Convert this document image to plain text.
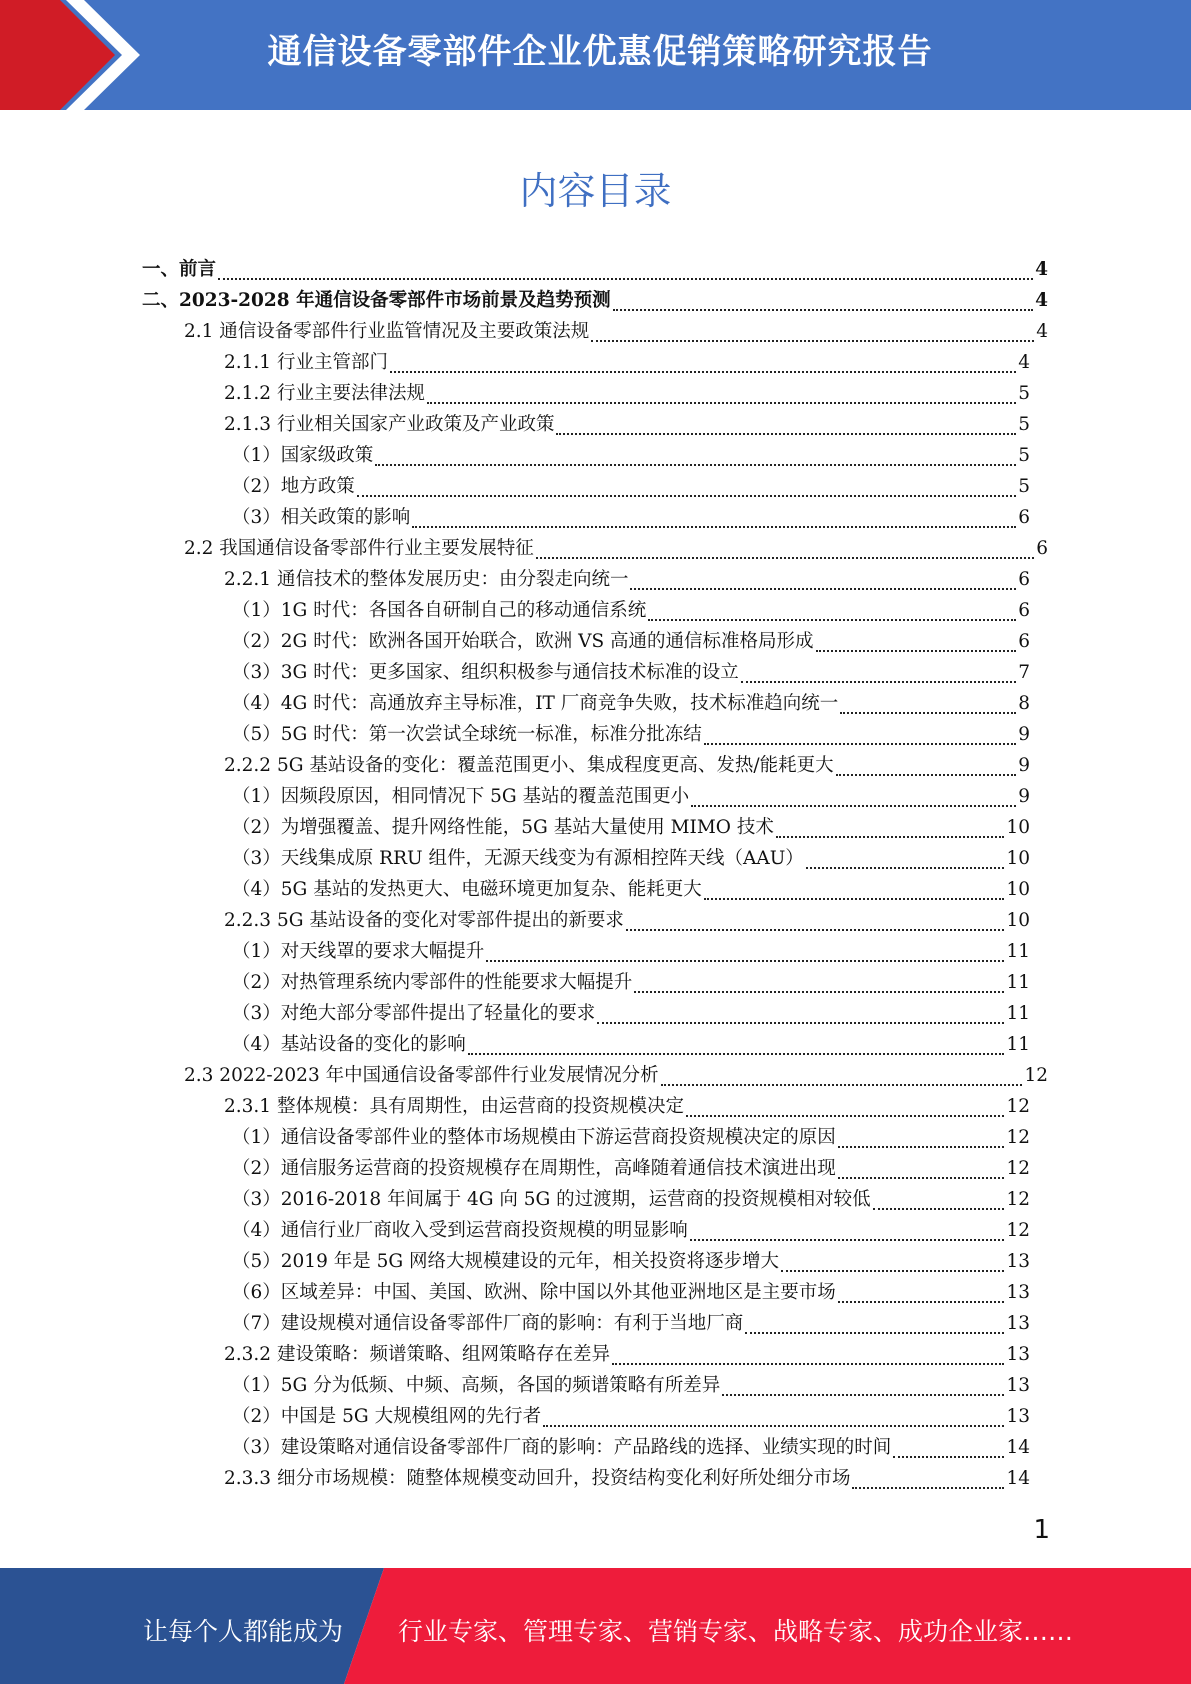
通信设备零部件企业优惠促销策略研究报告
内容目录
一、前言	4
二、2023-2028 年通信设备零部件市场前景及趋势预测	4
2.1 通信设备零部件行业监管情况及主要政策法规	4
2.1.1 行业主管部门	4
2.1.2 行业主要法律法规	5
2.1.3 行业相关国家产业政策及产业政策	5
（1）国家级政策	5
（2）地方政策	5
（3）相关政策的影响	6
2.2 我国通信设备零部件行业主要发展特征	6
2.2.1 通信技术的整体发展历史：由分裂走向统一	6
（1）1G 时代：各国各自研制自己的移动通信系统	6
（2）2G 时代：欧洲各国开始联合，欧洲 VS 高通的通信标准格局形成	6
（3）3G 时代：更多国家、组织积极参与通信技术标准的设立	7
（4）4G 时代：高通放弃主导标准，IT 厂商竞争失败，技术标准趋向统一	8
（5）5G 时代：第一次尝试全球统一标准，标准分批冻结	9
2.2.2 5G 基站设备的变化：覆盖范围更小、集成程度更高、发热/能耗更大	9
（1）因频段原因，相同情况下 5G 基站的覆盖范围更小	9
（2）为增强覆盖、提升网络性能，5G 基站大量使用 MIMO 技术	10
（3）天线集成原 RRU 组件，无源天线变为有源相控阵天线（AAU）	10
（4）5G 基站的发热更大、电磁环境更加复杂、能耗更大	10
2.2.3 5G 基站设备的变化对零部件提出的新要求	10
（1）对天线罩的要求大幅提升	11
（2）对热管理系统内零部件的性能要求大幅提升	11
（3）对绝大部分零部件提出了轻量化的要求	11
（4）基站设备的变化的影响	11
2.3 2022-2023 年中国通信设备零部件行业发展情况分析	12
2.3.1 整体规模：具有周期性，由运营商的投资规模决定	12
（1）通信设备零部件业的整体市场规模由下游运营商投资规模决定的原因	12
（2）通信服务运营商的投资规模存在周期性，高峰随着通信技术演进出现	12
（3）2016-2018 年间属于 4G 向 5G 的过渡期，运营商的投资规模相对较低	12
（4）通信行业厂商收入受到运营商投资规模的明显影响	12
（5）2019 年是 5G 网络大规模建设的元年，相关投资将逐步增大	13
（6）区域差异：中国、美国、欧洲、除中国以外其他亚洲地区是主要市场	13
（7）建设规模对通信设备零部件厂商的影响：有利于当地厂商	13
2.3.2 建设策略：频谱策略、组网策略存在差异	13
（1）5G 分为低频、中频、高频，各国的频谱策略有所差异	13
（2）中国是 5G 大规模组网的先行者	13
（3）建设策略对通信设备零部件厂商的影响：产品路线的选择、业绩实现的时间	14
2.3.3 细分市场规模：随整体规模变动回升，投资结构变化利好所处细分市场	14
1
让每个人都能成为 行业专家、管理专家、营销专家、战略专家、成功企业家……
